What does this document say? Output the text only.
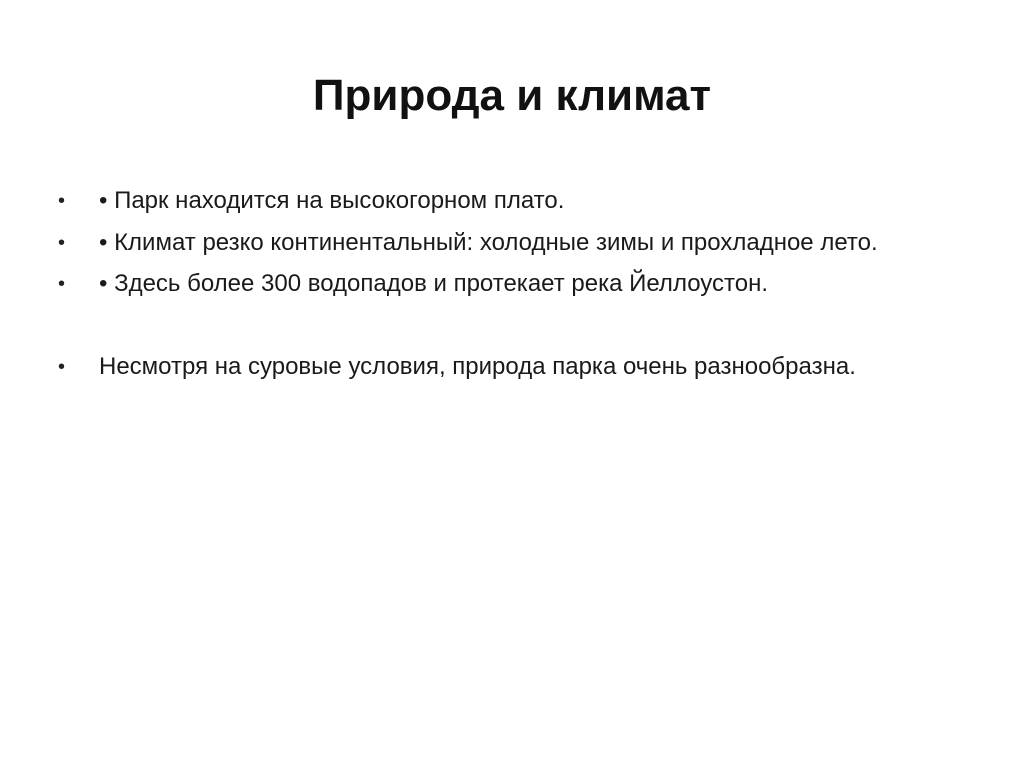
Природа и климат
• • Парк находится на высокогорном плато.
• • Климат резко континентальный: холодные зимы и прохладное лето.
• • Здесь более 300 водопадов и протекает река Йеллоустон.
• Несмотря на суровые условия, природа парка очень разнообразна.
